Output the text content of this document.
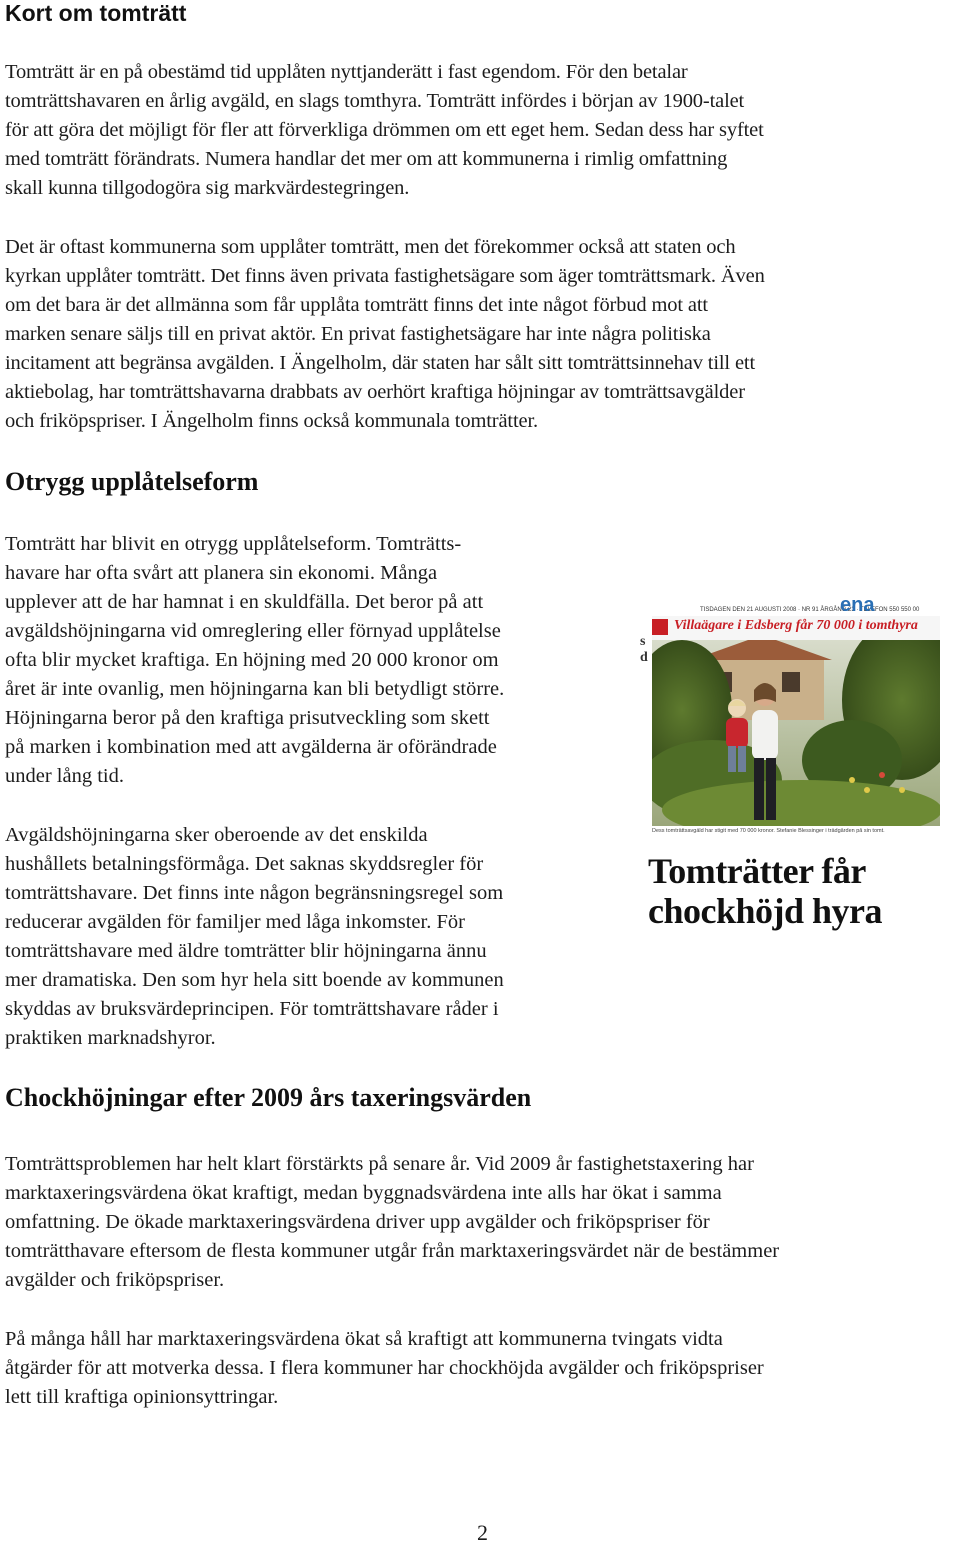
Kort om tomträtt

Tomträtt är en på obestämd tid upplåten nyttjanderätt i fast egendom. För den betalar
tomträttshavaren en årlig avgäld, en slags tomthyra. Tomträtt infördes i början av 1900-talet
för att göra det möjligt för fler att förverkliga drömmen om ett eget hem. Sedan dess har syftet
med tomträtt förändrats. Numera handlar det mer om att kommunerna i rimlig omfattning
skall kunna tillgodogöra sig markvärdestegringen.

Det är oftast kommunerna som upplåter tomträtt, men det förekommer också att staten och
kyrkan upplåter tomträtt. Det finns även privata fastighetsägare som äger tomträttsmark. Även
om det bara är det allmänna som får upplåta tomträtt finns det inte något förbud mot att
marken senare säljs till en privat aktör. En privat fastighetsägare har inte några politiska
incitament att begränsa avgälden. I Ängelholm, där staten har sålt sitt tomträttsinnehav till ett
aktiebolag, har tomträttshavarna drabbats av oerhört kraftiga höjningar av tomträttsavgälder
och friköpspriser. I Ängelholm finns också kommunala tomträtter.

Otrygg upplåtelseform

Tomträtt har blivit en otrygg upplåtelseform. Tomträtts-
havare har ofta svårt att planera sin ekonomi. Många
upplever att de har hamnat i en skuldfälla. Det beror på att
avgäldshöjningarna vid omreglering eller förnyad upplåtelse
ofta blir mycket kraftiga. En höjning med 20 000 kronor om
året är inte ovanlig, men höjningarna kan bli betydligt större.
Höjningarna beror på den kraftiga prisutveckling som skett
på marken i kombination med att avgälderna är oförändrade
under lång tid.

Avgäldshöjningarna sker oberoende av det enskilda
hushållets betalningsförmåga. Det saknas skyddsregler för
tomträttshavare. Det finns inte någon begränsningsregel som
reducerar avgälden för familjer med låga inkomster. För
tomträttshavare med äldre tomträtter blir höjningarna ännu
mer dramatiska. Den som hyr hela sitt boende av kommunen
skyddas av bruksvärdeprincipen. För tomträttshavare råder i
praktiken marknadshyror.

Chockhöjningar efter 2009 års taxeringsvärden

Tomträttsproblemen har helt klart förstärkts på senare år. Vid 2009 år fastighetstaxering har
marktaxeringsvärdena ökat kraftigt, medan byggnadsvärdena inte alls har ökat i samma
omfattning. De ökade marktaxeringsvärdena driver upp avgälder och friköpspriser för
tomträtthavare eftersom de flesta kommuner utgår från marktaxeringsvärdet när de bestämmer
avgälder och friköpspriser.

På många håll har marktaxeringsvärdena ökat så kraftigt att kommunerna tvingats vidta
åtgärder för att motverka dessa. I flera kommuner har chockhöjda avgälder och friköpspriser
lett till kraftiga opinionsyttringar.

2
TISDAGEN DEN 21 AUGUSTI 2008 · NR 91 ÅRGÅNG 23 · TELEFON 550 550 00
ena
Villaägare i Edsberg får 70 000 i tomthyra
s d
Dess tomträttsavgäld har stigit med 70 000 kronor. Stefanie Blessinger i trädgården på sin tomt.
Tomträtter får
chockhöjd hyra
